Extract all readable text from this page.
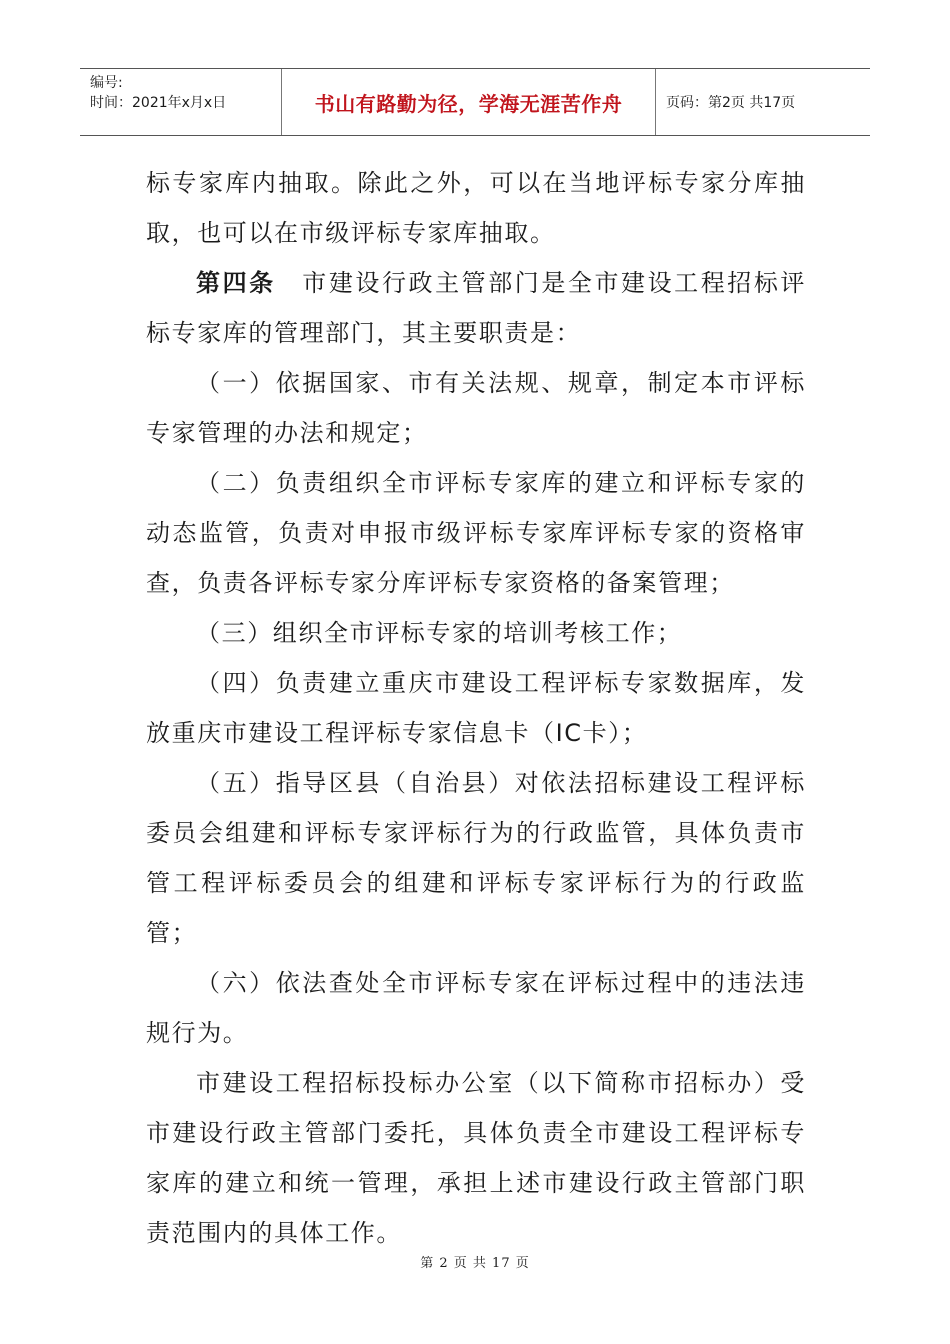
编号:
时间：2021年x月x日	书山有路勤为径，学海无涯苦作舟	页码：第2页 共17页

标专家库内抽取。除此之外，可以在当地评标专家分库抽取，也可以在市级评标专家库抽取。

第四条　市建设行政主管部门是全市建设工程招标评标专家库的管理部门，其主要职责是：

（一）依据国家、市有关法规、规章，制定本市评标专家管理的办法和规定；

（二）负责组织全市评标专家库的建立和评标专家的动态监管，负责对申报市级评标专家库评标专家的资格审查，负责各评标专家分库评标专家资格的备案管理；

（三）组织全市评标专家的培训考核工作；

（四）负责建立重庆市建设工程评标专家数据库，发放重庆市建设工程评标专家信息卡（IC卡）；

（五）指导区县（自治县）对依法招标建设工程评标委员会组建和评标专家评标行为的行政监管，具体负责市管工程评标委员会的组建和评标专家评标行为的行政监管；

（六）依法查处全市评标专家在评标过程中的违法违规行为。

市建设工程招标投标办公室（以下简称市招标办）受市建设行政主管部门委托，具体负责全市建设工程评标专家库的建立和统一管理，承担上述市建设行政主管部门职责范围内的具体工作。

第 2 页 共 17 页
